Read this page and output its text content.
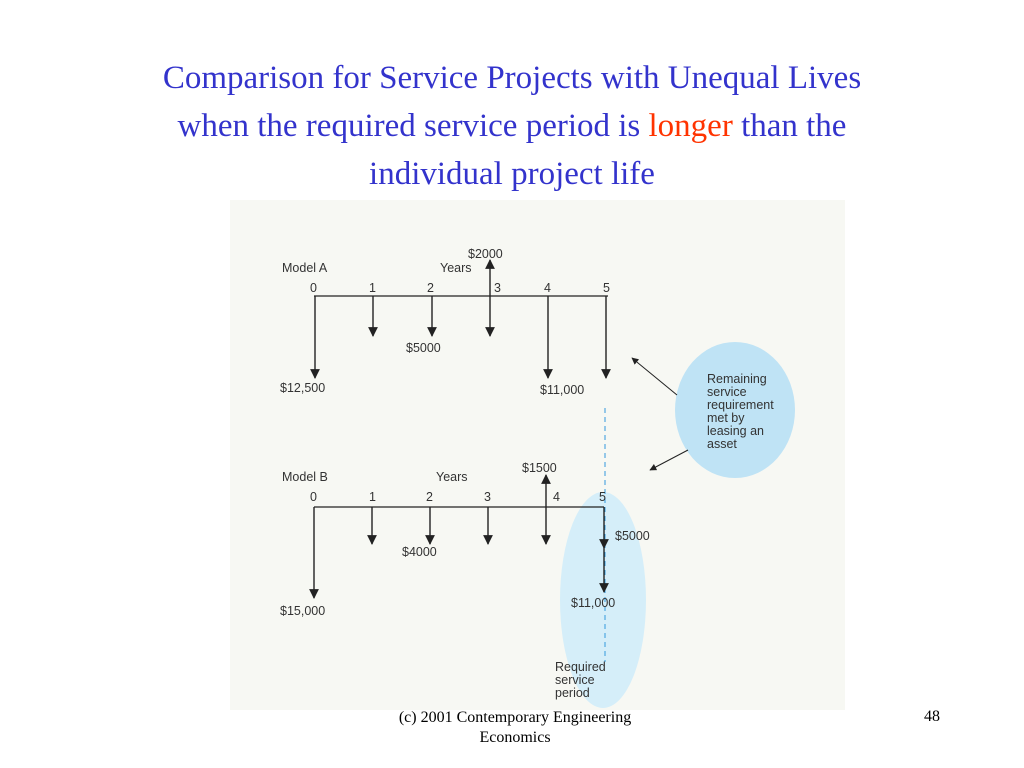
Comparison for Service Projects with Unequal Lives
when the required service period is longer than the
individual project life
Remaining service requirement met by leasing an asset
Model A	Years
0	1	2	3	4	5
$2000
$5000
$12,500	$11,000
Model B	Years
0	1	2	3	4	5
$1500
$4000
$5000
$15,000
$11,000
Required service period
(c) 2001 Contemporary Engineering
Economics
48
